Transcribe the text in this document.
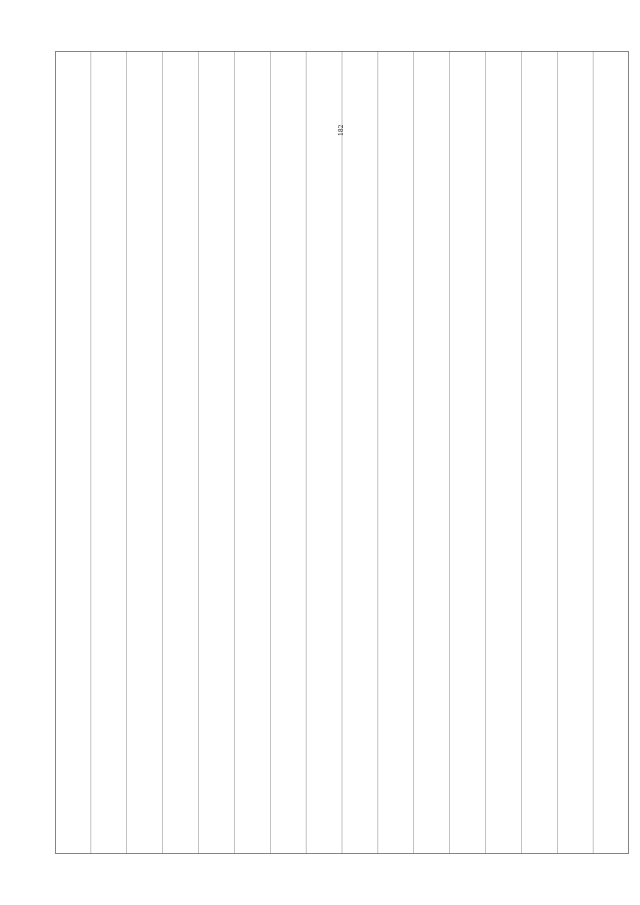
182
